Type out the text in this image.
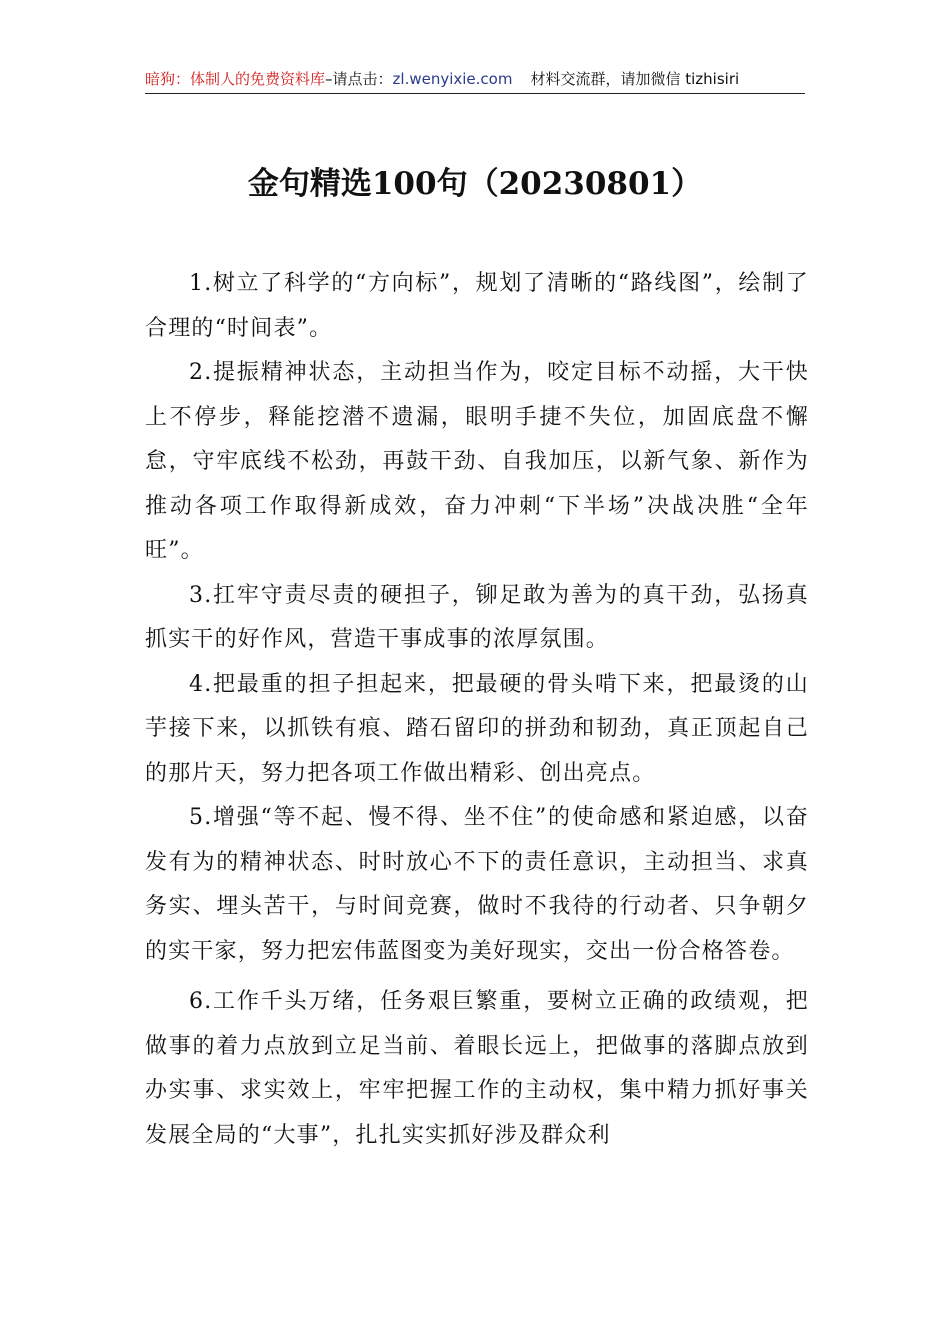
暗狗：体制人的免费资料库–请点击：zl.wenyixie.com 材料交流群，请加微信 tizhisiri
金句精选100句（20230801）

1.树立了科学的“方向标”，规划了清晰的“路线图”，绘制了合理的“时间表”。

2.提振精神状态，主动担当作为，咬定目标不动摇，大干快上不停步，释能挖潜不遗漏，眼明手捷不失位，加固底盘不懈怠，守牢底线不松劲，再鼓干劲、自我加压，以新气象、新作为推动各项工作取得新成效，奋力冲刺“下半场”决战决胜“全年旺”。

3.扛牢守责尽责的硬担子，铆足敢为善为的真干劲，弘扬真抓实干的好作风，营造干事成事的浓厚氛围。

4.把最重的担子担起来，把最硬的骨头啃下来，把最烫的山芋接下来，以抓铁有痕、踏石留印的拼劲和韧劲，真正顶起自己的那片天，努力把各项工作做出精彩、创出亮点。

5.增强“等不起、慢不得、坐不住”的使命感和紧迫感，以奋发有为的精神状态、时时放心不下的责任意识，主动担当、求真务实、埋头苦干，与时间竞赛，做时不我待的行动者、只争朝夕的实干家，努力把宏伟蓝图变为美好现实，交出一份合格答卷。

6.工作千头万绪，任务艰巨繁重，要树立正确的政绩观，把做事的着力点放到立足当前、着眼长远上，把做事的落脚点放到办实事、求实效上，牢牢把握工作的主动权，集中精力抓好事关发展全局的“大事”，扎扎实实抓好涉及群众利
